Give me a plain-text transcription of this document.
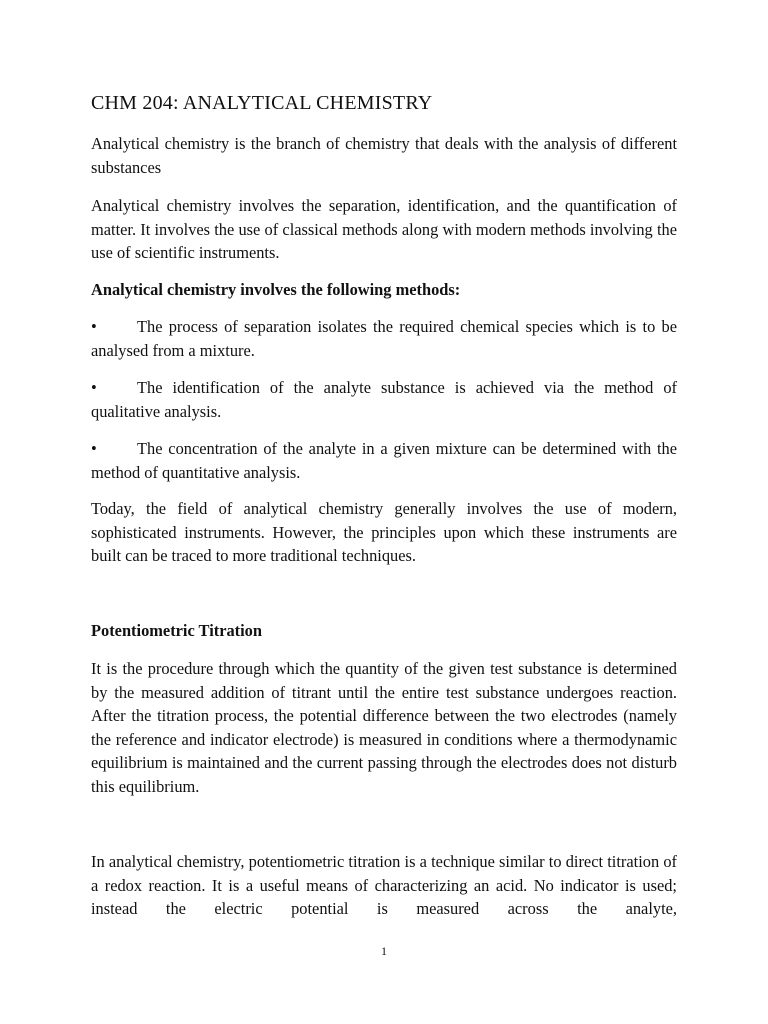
CHM 204: ANALYTICAL CHEMISTRY
Analytical chemistry is the branch of chemistry that deals with the analysis of different substances
Analytical chemistry involves the separation, identification, and the quantification of matter. It involves the use of classical methods along with modern methods involving the use of scientific instruments.
Analytical chemistry involves the following methods:
• The process of separation isolates the required chemical species which is to be analysed from a mixture.
• The identification of the analyte substance is achieved via the method of qualitative analysis.
• The concentration of the analyte in a given mixture can be determined with the method of quantitative analysis.
Today, the field of analytical chemistry generally involves the use of modern, sophisticated instruments. However, the principles upon which these instruments are built can be traced to more traditional techniques.
Potentiometric Titration
It is the procedure through which the quantity of the given test substance is determined by the measured addition of titrant until the entire test substance undergoes reaction. After the titration process, the potential difference between the two electrodes (namely the reference and indicator electrode) is measured in conditions where a thermodynamic equilibrium is maintained and the current passing through the electrodes does not disturb this equilibrium.
In analytical chemistry, potentiometric titration is a technique similar to direct titration of a redox reaction. It is a useful means of characterizing an acid. No indicator is used; instead the electric potential is measured across the analyte,
1
